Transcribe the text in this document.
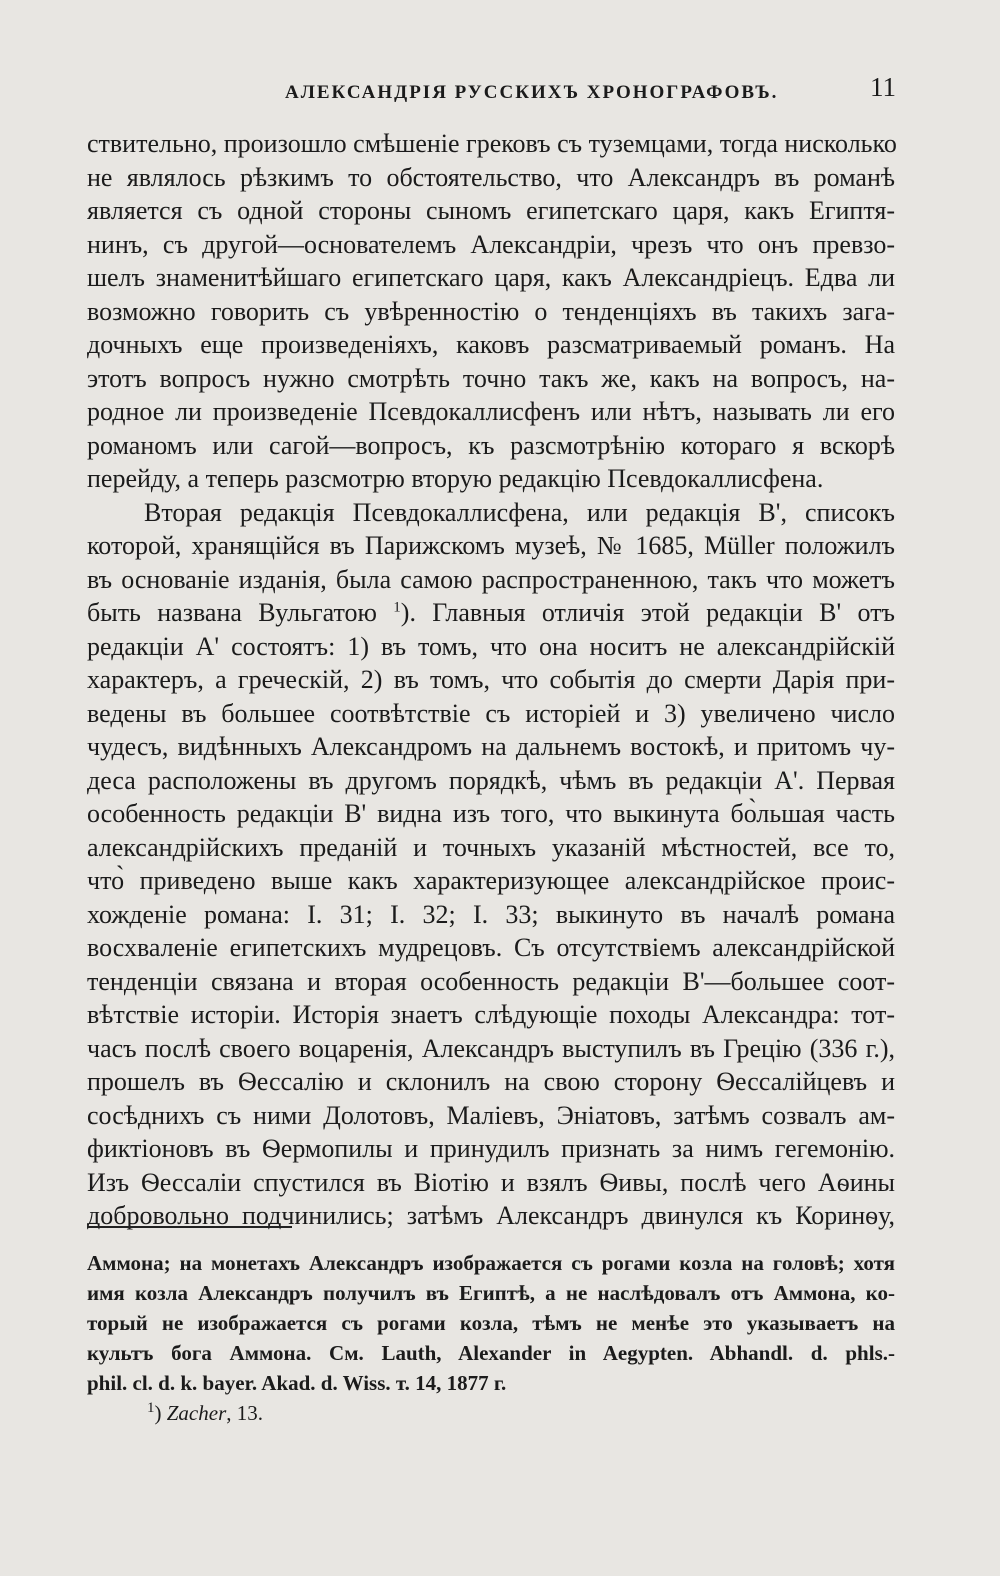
АЛЕКСАНДРІЯ РУССКИХЪ ХРОНОГРАФОВЪ.	11
ствительно, произошло смѣшеніе грековъ съ туземцами, тогда нисколько
не являлось рѣзкимъ то обстоятельство, что Александръ въ романѣ
является съ одной стороны сыномъ египетскаго царя, какъ Египтя-
нинъ, съ другой—основателемъ Александріи, чрезъ что онъ превзо-
шелъ знаменитѣйшаго египетскаго царя, какъ Александріецъ. Едва ли
возможно говорить съ увѣренностію о тенденціяхъ въ такихъ зага-
дочныхъ еще произведеніяхъ, каковъ разсматриваемый романъ. На
этотъ вопросъ нужно смотрѣть точно такъ же, какъ на вопросъ, на-
родное ли произведеніе Псевдокаллисфенъ или нѣтъ, называть ли его
романомъ или сагой—вопросъ, къ разсмотрѣнію котораго я вскорѣ
перейду, а теперь разсмотрю вторую редакцію Псевдокаллисфена.
Вторая редакція Псевдокаллисфена, или редакція B', списокъ
которой, хранящійся въ Парижскомъ музеѣ, № 1685, Müller положилъ
въ основаніе изданія, была самою распространенною, такъ что можетъ
быть названа Вульгатою $^1$). Главныя отличія этой редакціи B' отъ
редакціи A' состоятъ: 1) въ томъ, что она носитъ не александрійскій
характеръ, а греческій, 2) въ томъ, что событія до смерти Дарія при-
ведены въ большее соотвѣтствіе съ исторіей и 3) увеличено число
чудесъ, видѣнныхъ Александромъ на дальнемъ востокѣ, и притомъ чу-
деса расположены въ другомъ порядкѣ, чѣмъ въ редакціи A'. Первая
особенность редакціи B' видна изъ того, что выкинута бо̀льшая часть
александрійскихъ преданій и точныхъ указаній мѣстностей, все то,
что̀ приведено выше какъ характеризующее александрійское проис-
хожденіе романа: I. 31; I. 32; I. 33; выкинуто въ началѣ романа
восхваленіе египетскихъ мудрецовъ. Съ отсутствіемъ александрійской
тенденціи связана и вторая особенность редакціи B'—большее соот-
вѣтствіе исторіи. Исторія знаетъ слѣдующіе походы Александра: тот-
часъ послѣ своего воцаренія, Александръ выступилъ въ Грецію (336 г.),
прошелъ въ Ѳессалію и склонилъ на свою сторону Ѳессалійцевъ и
сосѣднихъ съ ними Долотовъ, Маліевъ, Энiатовъ, затѣмъ созвалъ ам-
фиктіоновъ въ Ѳермопилы и принудилъ признать за нимъ гегемонію.
Изъ Ѳессаліи спустился въ Віотію и взялъ Ѳивы, послѣ чего Аѳины
добровольно подчинились; затѣмъ Александръ двинулся къ Коринѳу,
Аммона; на монетахъ Александръ изображается съ рогами козла на головѣ; хотя
имя козла Александръ получилъ въ Египтѣ, а не наслѣдовалъ отъ Аммона, ко-
торый не изображается съ рогами козла, тѣмъ не менѣе это указываетъ на
культъ бога Аммона. См. Lauth, Alexander in Aegypten. Abhandl. d. phls.-
phil. cl. d. k. bayer. Akad. d. Wiss. т. 14, 1877 г.
$^1$) Zacher, 13.
